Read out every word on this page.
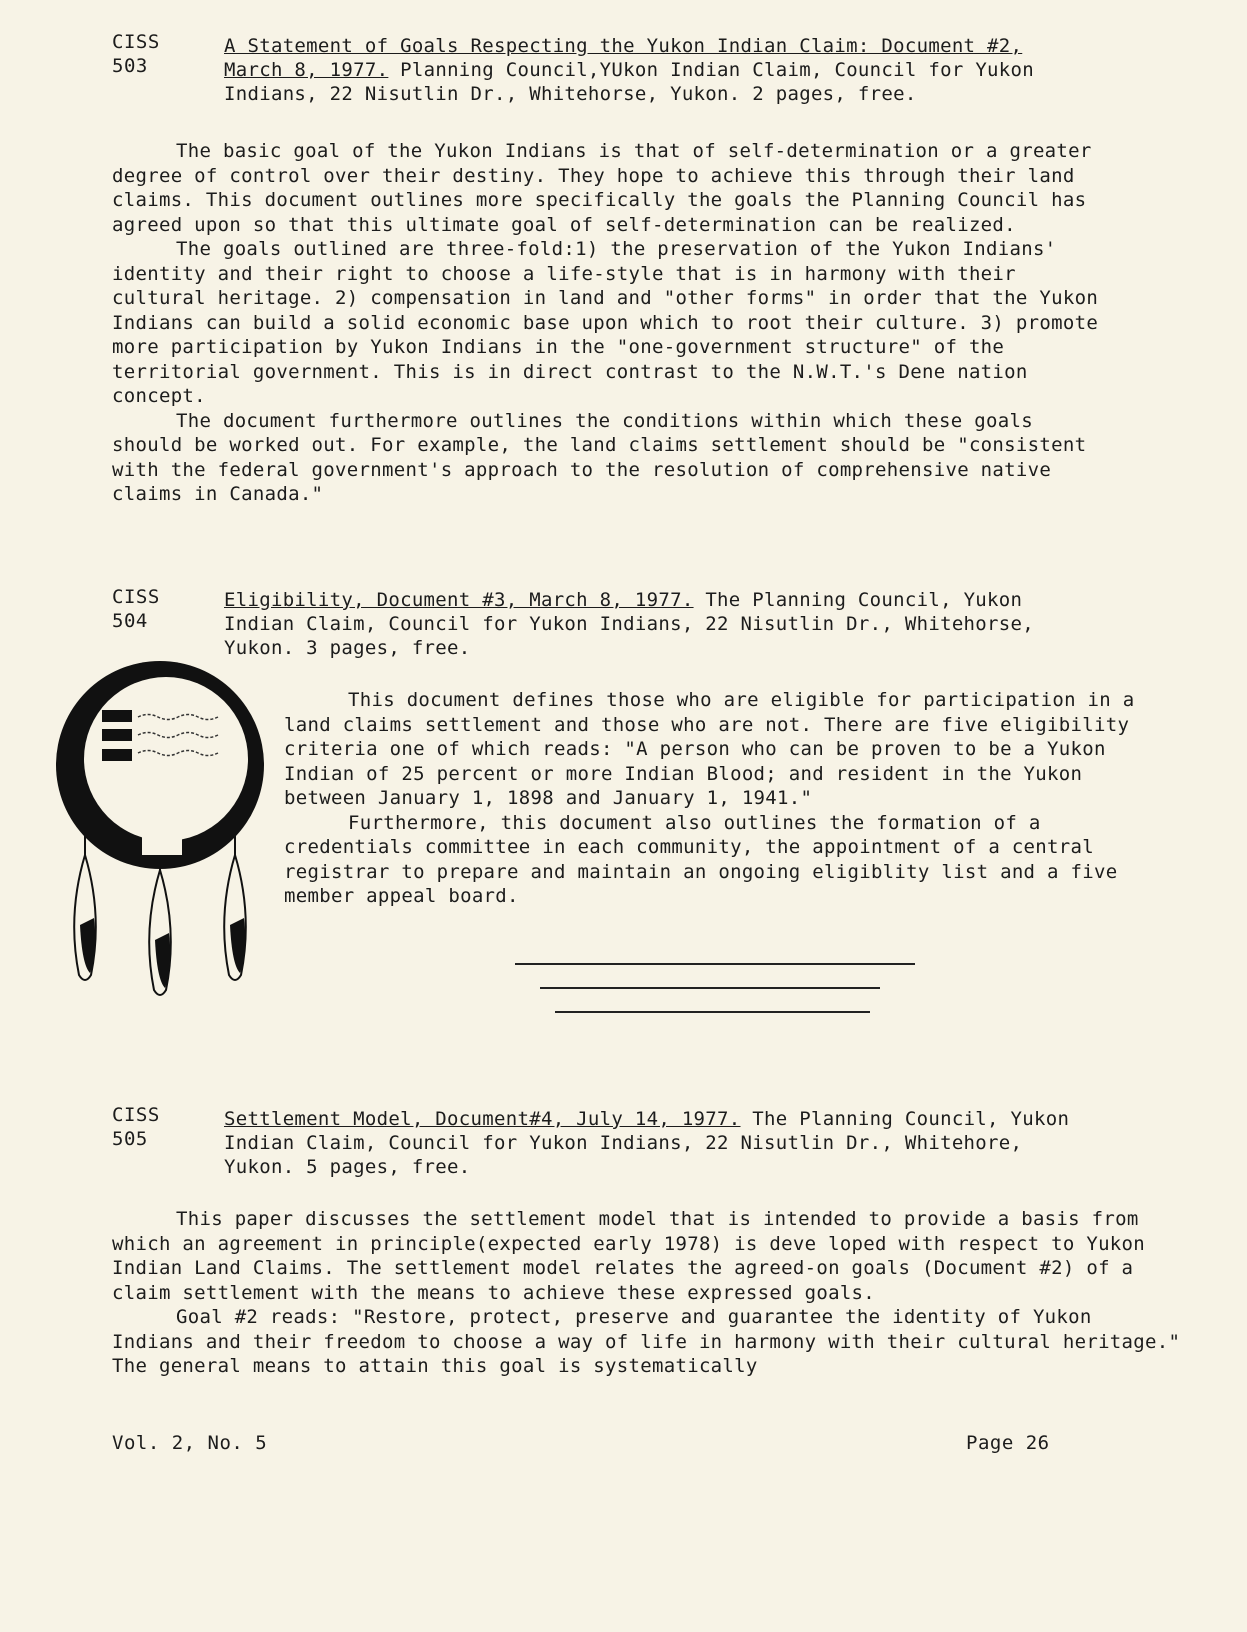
CISS
503
A Statement of Goals Respecting the Yukon Indian Claim: Document #2, March 8, 1977. Planning Council,YUkon Indian Claim, Council for Yukon Indians, 22 Nisutlin Dr., Whitehorse, Yukon. 2 pages, free.

The basic goal of the Yukon Indians is that of self-determination or a greater degree of control over their destiny. They hope to achieve this through their land claims. This document outlines more specifically the goals the Planning Council has agreed upon so that this ultimate goal of self-determination can be realized.

The goals outlined are three-fold:1) the preservation of the Yukon Indians' identity and their right to choose a life-style that is in harmony with their cultural heritage. 2) compensation in land and "other forms" in order that the Yukon Indians can build a solid economic base upon which to root their culture. 3) promote more participation by Yukon Indians in the "one-government structure" of the territorial government. This is in direct contrast to the N.W.T.'s Dene nation concept.

The document furthermore outlines the conditions within which these goals should be worked out. For example, the land claims settlement should be "consistent with the federal government's approach to the resolution of comprehensive native claims in Canada."

CISS
504
Eligibility, Document #3, March 8, 1977. The Planning Council, Yukon Indian Claim, Council for Yukon Indians, 22 Nisutlin Dr., Whitehorse, Yukon. 3 pages, free.

This document defines those who are eligible for participation in a land claims settlement and those who are not. There are five eligibility criteria one of which reads: "A person who can be proven to be a Yukon Indian of 25 percent or more Indian Blood; and resident in the Yukon between January 1, 1898 and January 1, 1941."

Furthermore, this document also outlines the formation of a credentials committee in each community, the appointment of a central registrar to prepare and maintain an ongoing eligiblity list and a five member appeal board.

CISS
505
Settlement Model, Document#4, July 14, 1977. The Planning Council, Yukon Indian Claim, Council for Yukon Indians, 22 Nisutlin Dr., Whitehore, Yukon. 5 pages, free.

This paper discusses the settlement model that is intended to provide a basis from which an agreement in principle(expected early 1978) is deve loped with respect to Yukon Indian Land Claims. The settlement model relates the agreed-on goals (Document #2) of a claim settlement with the means to achieve these expressed goals.

Goal #2 reads: "Restore, protect, preserve and guarantee the identity of Yukon Indians and their freedom to choose a way of life in harmony with their cultural heritage." The general means to attain this goal is systematically

Vol. 2, No. 5	Page 26
